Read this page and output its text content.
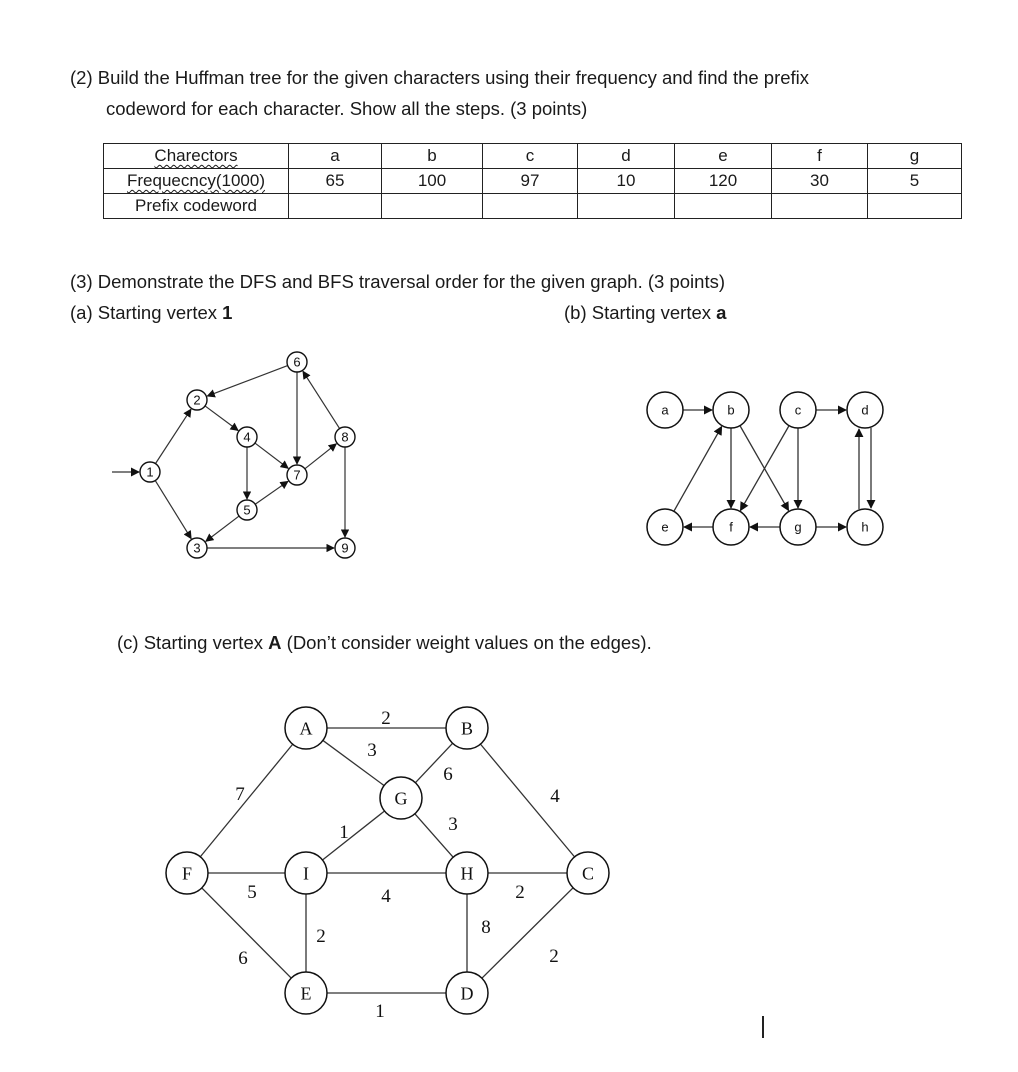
(2) Build the Huffman tree for the given characters using their frequency and find the prefix
codeword for each character. Show all the steps. (3 points)
Charectors	a	b	c	d	e	f	g
Frequecncy(1000)	65	100	97	10	120	30	5
Prefix codeword							
(3) Demonstrate the DFS and BFS traversal order for the given graph. (3 points)
(a) Starting vertex 1	(b) Starting vertex a
(c) Starting vertex A (Don’t consider weight values on the edges).
1
2
3
4
5
6
7
8
9
a	b	c	d
e	f	g	h
2
3
6
7	4
1	3
5	4	2
6
2	8
2
1
A	B
G
F	I	H	C
E	D
